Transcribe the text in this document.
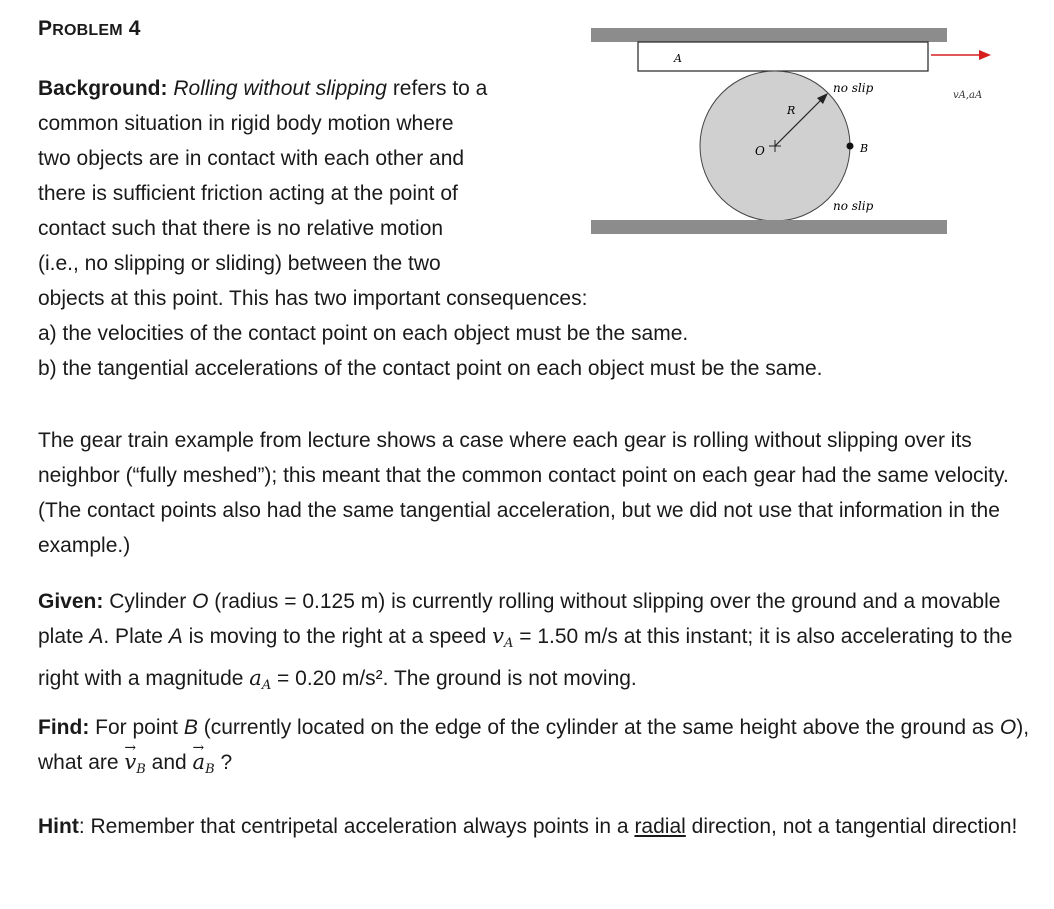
PROBLEM 4
Background: Rolling without slipping refers to a
common situation in rigid body motion where
two objects are in contact with each other and
there is sufficient friction acting at the point of
contact such that there is no relative motion
(i.e., no slipping or sliding) between the two
objects at this point. This has two important consequences:
a) the velocities of the contact point on each object must be the same.
b) the tangential accelerations of the contact point on each object must be the same.
A
R
O	B
no slip
no slip
vA,aA

The gear train example from lecture shows a case where each gear is rolling without slipping over its neighbor (“fully meshed”); this meant that the common contact point on each gear had the same velocity. (The contact points also had the same tangential acceleration, but we did not use that information in the example.)

Given: Cylinder O (radius = 0.125 m) is currently rolling without slipping over the ground and a movable plate A. Plate A is moving to the right at a speed $v_A = 1.50$ m/s at this instant; it is also accelerating to the right with a magnitude $a_A = 0.20$ m/s². The ground is not moving.

Find: For point B (currently located on the edge of the cylinder at the same height above the ground as O), what are → $v_B$ and → $a_B$ ?

Hint: Remember that centripetal acceleration always points in a radial direction, not a tangential direction!
